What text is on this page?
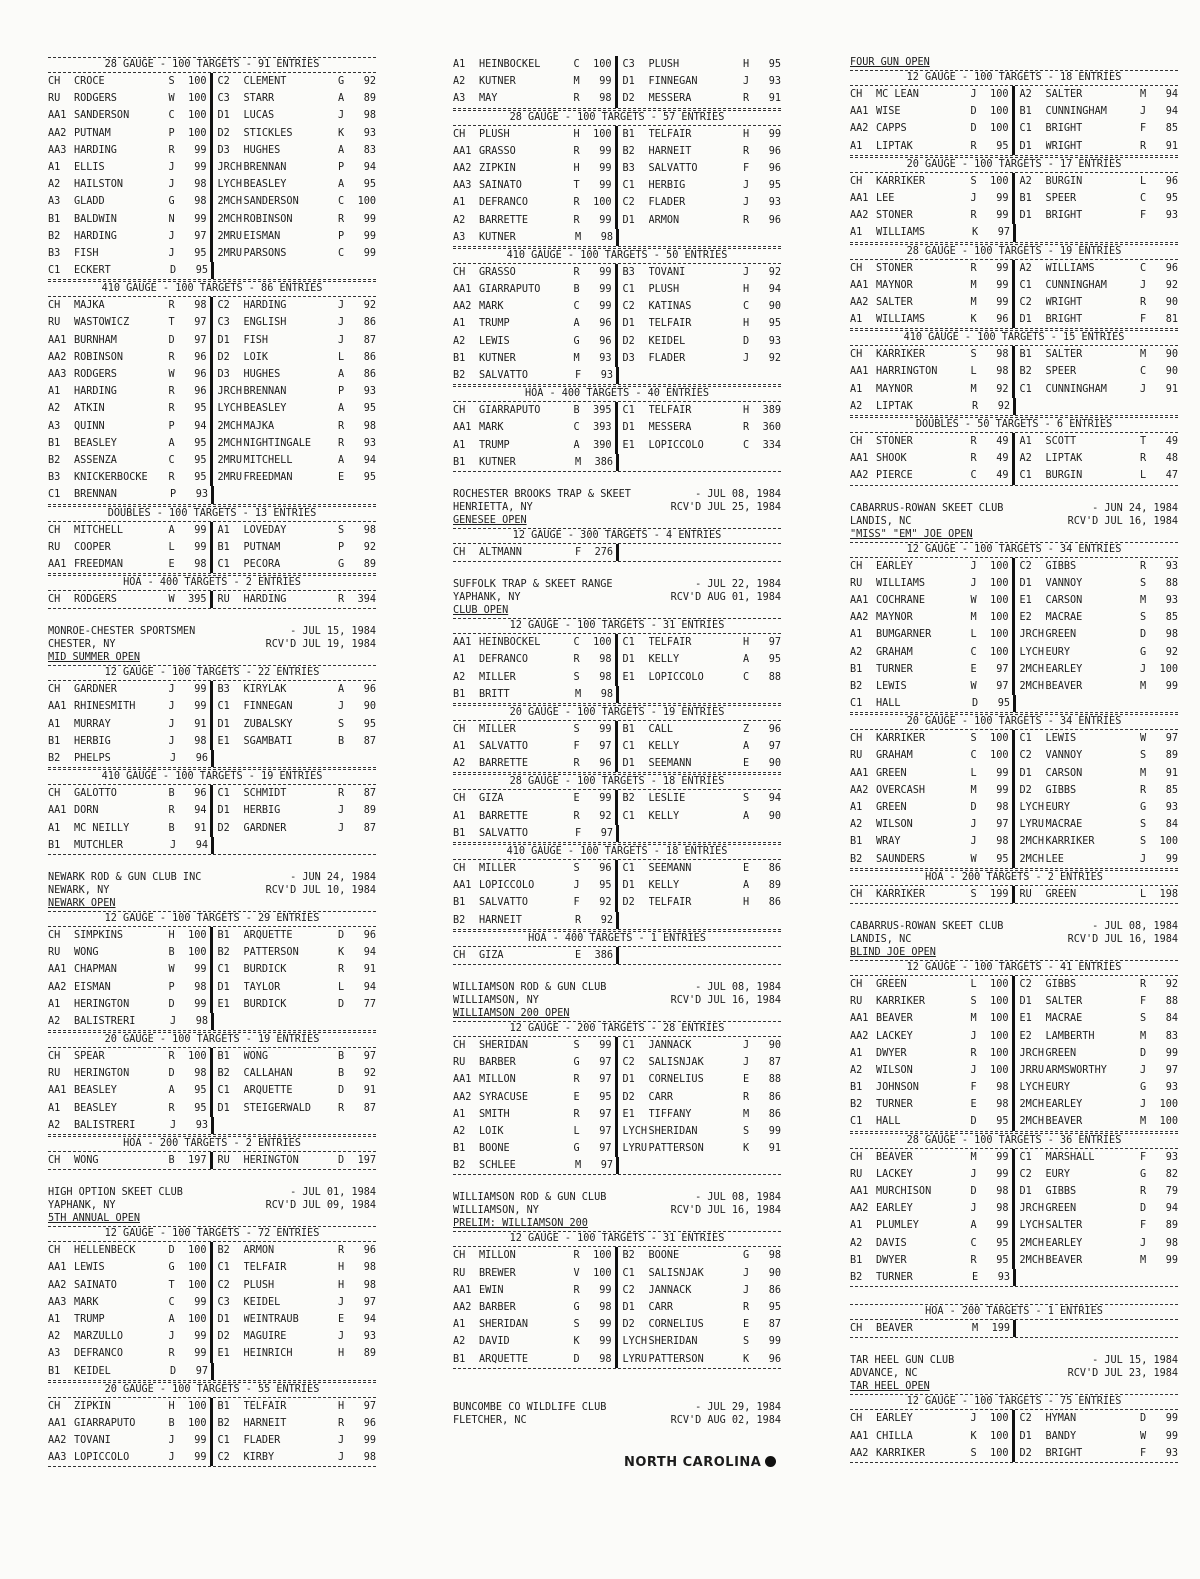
28 GAUGE - 100 TARGETS - 91 ENTRIES
CH	CROCE	S	100 C2	CLEMENT	G	92
RU	RODGERS	W	100 C3	STARR	A	89
AA1 SANDERSON	C	100 D1	LUCAS	J	98
AA2 PUTNAM	P	100 D2	STICKLES	K	93
AA3 HARDING	R	99 D3	HUGHES	A	83
A1	ELLIS	J	99 JRCH BRENNAN	P	94
A2	HAILSTON	J	98 LYCH BEASLEY	A	95
A3	GLADD	G	98 2MCH SANDERSON	C	100
B1	BALDWIN	N	99 2MCH ROBINSON	R	99
B2	HARDING	J	97 2MRU EISMAN	P	99
B3	FISH	J	95 2MRU PARSONS	C	99
C1	ECKERT	D	95
410 GAUGE - 100 TARGETS - 86 ENTRIES
CH	MAJKA	R	98 C2	HARDING	J	92
RU	WASTOWICZ	T	97 C3	ENGLISH	J	86
AA1 BURNHAM	D	97 D1	FISH	J	87
AA2 ROBINSON	R	96 D2	LOIK	L	86
AA3 RODGERS	W	96 D3	HUGHES	A	86
A1	HARDING	R	96 JRCH BRENNAN	P	93
A2	ATKIN	R	95 LYCH BEASLEY	A	95
A3	QUINN	P	94 2MCH MAJKA	R	98
B1	BEASLEY	A	95 2MCH NIGHTINGALE	R	93
B2	ASSENZA	C	95 2MRU MITCHELL	A	94
B3	KNICKERBOCKE	R	95 2MRU FREEDMAN	E	95
C1	BRENNAN	P	93
DOUBLES - 100 TARGETS - 13 ENTRIES
CH	MITCHELL	A	99 A1	LOVEDAY	S	98
RU	COOPER	L	99 B1	PUTNAM	P	92
AA1 FREEDMAN	E	98 C1	PECORA	G	89
HOA - 400 TARGETS - 2 ENTRIES
CH	RODGERS	W	395 RU	HARDING	R	394
MONROE-CHESTER SPORTSMEN	- JUL 15, 1984
CHESTER, NY	RCV'D JUL 19, 1984
MID SUMMER OPEN
12 GAUGE - 100 TARGETS - 22 ENTRIES
CH	GARDNER	J	99 B3	KIRYLAK	A	96
AA1 RHINESMITH	J	99 C1	FINNEGAN	J	90
A1	MURRAY	J	91 D1	ZUBALSKY	S	95
B1	HERBIG	J	98 E1	SGAMBATI	B	87
B2	PHELPS	J	96
410 GAUGE - 100 TARGETS - 19 ENTRIES
CH	GALOTTO	B	96 C1	SCHMIDT	R	87
AA1 DORN	R	94 D1	HERBIG	J	89
A1	MC NEILLY	B	91 D2	GARDNER	J	87
B1	MUTCHLER	J	94
NEWARK ROD & GUN CLUB INC	- JUN 24, 1984
NEWARK, NY	RCV'D JUL 10, 1984
NEWARK OPEN
12 GAUGE - 100 TARGETS - 29 ENTRIES
CH	SIMPKINS	H	100 B1	ARQUETTE	D	96
RU	WONG	B	100 B2	PATTERSON	K	94
AA1 CHAPMAN	W	99 C1	BURDICK	R	91
AA2 EISMAN	P	98 D1	TAYLOR	L	94
A1	HERINGTON	D	99 E1	BURDICK	D	77
A2	BALISTRERI	J	98
20 GAUGE - 100 TARGETS - 19 ENTRIES
CH	SPEAR	R	100 B1	WONG	B	97
RU	HERINGTON	D	98 B2	CALLAHAN	B	92
AA1 BEASLEY	A	95 C1	ARQUETTE	D	91
A1	BEASLEY	R	95 D1	STEIGERWALD	R	87
A2	BALISTRERI	J	93
HOA - 200 TARGETS - 2 ENTRIES
CH	WONG	B	197 RU	HERINGTON	D	197
HIGH OPTION SKEET CLUB	- JUL 01, 1984
YAPHANK, NY	RCV'D JUL 09, 1984
5TH ANNUAL OPEN
12 GAUGE - 100 TARGETS - 72 ENTRIES
CH	HELLENBECK	D	100 B2	ARMON	R	96
AA1 LEWIS	G	100 C1	TELFAIR	H	98
AA2 SAINATO	T	100 C2	PLUSH	H	98
AA3 MARK	C	99 C3	KEIDEL	J	97
A1	TRUMP	A	100 D1	WEINTRAUB	E	94
A2	MARZULLO	J	99 D2	MAGUIRE	J	93
A3	DEFRANCO	R	99 E1	HEINRICH	H	89
B1	KEIDEL	D	97
20 GAUGE - 100 TARGETS - 55 ENTRIES
CH	ZIPKIN	H	100 B1	TELFAIR	H	97
AA1 GIARRAPUTO	B	100 B2	HARNEIT	R	96
AA2 TOVANI	J	99 C1	FLADER	J	99
AA3 LOPICCOLO	J	99 C2	KIRBY	J	98
A1	HEINBOCKEL	C	100 C3	PLUSH	H	95
A2	KUTNER	M	99 D1	FINNEGAN	J	93
A3	MAY	R	98 D2	MESSERA	R	91
28 GAUGE - 100 TARGETS - 57 ENTRIES
CH	PLUSH	H	100 B1	TELFAIR	H	99
AA1 GRASSO	R	99 B2	HARNEIT	R	96
AA2 ZIPKIN	H	99 B3	SALVATTO	F	96
AA3 SAINATO	T	99 C1	HERBIG	J	95
A1	DEFRANCO	R	100 C2	FLADER	J	93
A2	BARRETTE	R	99 D1	ARMON	R	96
A3	KUTNER	M	98
410 GAUGE - 100 TARGETS - 50 ENTRIES
CH	GRASSO	R	99 B3	TOVANI	J	92
AA1 GIARRAPUTO	B	99 C1	PLUSH	H	94
AA2 MARK	C	99 C2	KATINAS	C	90
A1	TRUMP	A	96 D1	TELFAIR	H	95
A2	LEWIS	G	96 D2	KEIDEL	D	93
B1	KUTNER	M	93 D3	FLADER	J	92
B2	SALVATTO	F	93
HOA - 400 TARGETS - 40 ENTRIES
CH	GIARRAPUTO	B	395 C1	TELFAIR	H	389
AA1 MARK	C	393 D1	MESSERA	R	360
A1	TRUMP	A	390 E1	LOPICCOLO	C	334
B1	KUTNER	M	386
ROCHESTER BROOKS TRAP & SKEET	- JUL 08, 1984
HENRIETTA, NY	RCV'D JUL 25, 1984
GENESEE OPEN
12 GAUGE - 300 TARGETS - 4 ENTRIES
CH	ALTMANN	F	276
SUFFOLK TRAP & SKEET RANGE	- JUL 22, 1984
YAPHANK, NY	RCV'D AUG 01, 1984
CLUB OPEN
12 GAUGE - 100 TARGETS - 31 ENTRIES
AA1 HEINBOCKEL	C	100 C1	TELFAIR	H	97
A1	DEFRANCO	R	98 D1	KELLY	A	95
A2	MILLER	S	98 E1	LOPICCOLO	C	88
B1	BRITT	M	98
20 GAUGE - 100 TARGETS - 19 ENTRIES
CH	MILLER	S	99 B1	CALL	Z	96
A1	SALVATTO	F	97 C1	KELLY	A	97
A2	BARRETTE	R	96 D1	SEEMANN	E	90
28 GAUGE - 100 TARGETS - 18 ENTRIES
CH	GIZA	E	99 B2	LESLIE	S	94
A1	BARRETTE	R	92 C1	KELLY	A	90
B1	SALVATTO	F	97
410 GAUGE - 100 TARGETS - 18 ENTRIES
CH	MILLER	S	96 C1	SEEMANN	E	86
AA1 LOPICCOLO	J	95 D1	KELLY	A	89
B1	SALVATTO	F	92 D2	TELFAIR	H	86
B2	HARNEIT	R	92
HOA - 400 TARGETS - 1 ENTRIES
CH	GIZA	E	386
WILLIAMSON ROD & GUN CLUB	- JUL 08, 1984
WILLIAMSON, NY	RCV'D JUL 16, 1984
WILLIAMSON 200 OPEN
12 GAUGE - 200 TARGETS - 28 ENTRIES
CH	SHERIDAN	S	99 C1	JANNACK	J	90
RU	BARBER	G	97 C2	SALISNJAK	J	87
AA1 MILLON	R	97 D1	CORNELIUS	E	88
AA2 SYRACUSE	E	95 D2	CARR	R	86
A1	SMITH	R	97 E1	TIFFANY	M	86
A2	LOIK	L	97 LYCH SHERIDAN	S	99
B1	BOONE	G	97 LYRU PATTERSON	K	91
B2	SCHLEE	M	97
WILLIAMSON ROD & GUN CLUB	- JUL 08, 1984
WILLIAMSON, NY	RCV'D JUL 16, 1984
PRELIM: WILLIAMSON 200
12 GAUGE - 100 TARGETS - 31 ENTRIES
CH	MILLON	R	100 B2	BOONE	G	98
RU	BREWER	V	100 C1	SALISNJAK	J	90
AA1 EWIN	R	99 C2	JANNACK	J	86
AA2 BARBER	G	98 D1	CARR	R	95
A1	SHERIDAN	S	99 D2	CORNELIUS	E	87
A2	DAVID	K	99 LYCH SHERIDAN	S	99
B1	ARQUETTE	D	98 LYRU PATTERSON	K	96
BUNCOMBE CO WILDLIFE CLUB	- JUL 29, 1984
FLETCHER, NC	RCV'D AUG 02, 1984
FOUR GUN OPEN
12 GAUGE - 100 TARGETS - 18 ENTRIES
CH	MC LEAN	J	100 A2	SALTER	M	94
AA1 WISE	D	100 B1	CUNNINGHAM	J	94
AA2 CAPPS	D	100 C1	BRIGHT	F	85
A1	LIPTAK	R	95 D1	WRIGHT	R	91
20 GAUGE - 100 TARGETS - 17 ENTRIES
CH	KARRIKER	S	100 A2	BURGIN	L	96
AA1 LEE	J	99 B1	SPEER	C	95
AA2 STONER	R	99 D1	BRIGHT	F	93
A1	WILLIAMS	K	97
28 GAUGE - 100 TARGETS - 19 ENTRIES
CH	STONER	R	99 A2	WILLIAMS	C	96
AA1 MAYNOR	M	99 C1	CUNNINGHAM	J	92
AA2 SALTER	M	99 C2	WRIGHT	R	90
A1	WILLIAMS	K	96 D1	BRIGHT	F	81
410 GAUGE - 100 TARGETS - 15 ENTRIES
CH	KARRIKER	S	98 B1	SALTER	M	90
AA1 HARRINGTON	L	98 B2	SPEER	C	90
A1	MAYNOR	M	92 C1	CUNNINGHAM	J	91
A2	LIPTAK	R	92
DOUBLES - 50 TARGETS - 6 ENTRIES
CH	STONER	R	49 A1	SCOTT	T	49
AA1 SHOOK	R	49 A2	LIPTAK	R	48
AA2 PIERCE	C	49 C1	BURGIN	L	47
CABARRUS-ROWAN SKEET CLUB	- JUN 24, 1984
LANDIS, NC	RCV'D JUL 16, 1984
"MISS" "EM" JOE OPEN
12 GAUGE - 100 TARGETS - 34 ENTRIES
CH	EARLEY	J	100 C2	GIBBS	R	93
RU	WILLIAMS	J	100 D1	VANNOY	S	88
AA1 COCHRANE	W	100 E1	CARSON	M	93
AA2 MAYNOR	M	100 E2	MACRAE	S	85
A1	BUMGARNER	L	100 JRCH GREEN	D	98
A2	GRAHAM	C	100 LYCH EURY	G	92
B1	TURNER	E	97 2MCH EARLEY	J	100
B2	LEWIS	W	97 2MCH BEAVER	M	99
C1	HALL	D	95
20 GAUGE - 100 TARGETS - 34 ENTRIES
CH	KARRIKER	S	100 C1	LEWIS	W	97
RU	GRAHAM	C	100 C2	VANNOY	S	89
AA1 GREEN	L	99 D1	CARSON	M	91
AA2 OVERCASH	M	99 D2	GIBBS	R	85
A1	GREEN	D	98 LYCH EURY	G	93
A2	WILSON	J	97 LYRU MACRAE	S	84
B1	WRAY	J	98 2MCH KARRIKER	S	100
B2	SAUNDERS	W	95 2MCH LEE	J	99
HOA - 200 TARGETS - 2 ENTRIES
CH	KARRIKER	S	199 RU	GREEN	L	198
CABARRUS-ROWAN SKEET CLUB	- JUL 08, 1984
LANDIS, NC	RCV'D JUL 16, 1984
BLIND JOE OPEN
12 GAUGE - 100 TARGETS - 41 ENTRIES
CH	GREEN	L	100 C2	GIBBS	R	92
RU	KARRIKER	S	100 D1	SALTER	F	88
AA1 BEAVER	M	100 E1	MACRAE	S	84
AA2 LACKEY	J	100 E2	LAMBERTH	M	83
A1	DWYER	R	100 JRCH GREEN	D	99
A2	WILSON	J	100 JRRU ARMSWORTHY	J	97
B1	JOHNSON	F	98 LYCH EURY	G	93
B2	TURNER	E	98 2MCH EARLEY	J	100
C1	HALL	D	95 2MCH BEAVER	M	100
28 GAUGE - 100 TARGETS - 36 ENTRIES
CH	BEAVER	M	99 C1	MARSHALL	F	93
RU	LACKEY	J	99 C2	EURY	G	82
AA1 MURCHISON	D	98 D1	GIBBS	R	79
AA2 EARLEY	J	98 JRCH GREEN	D	94
A1	PLUMLEY	A	99 LYCH SALTER	F	89
A2	DAVIS	C	95 2MCH EARLEY	J	98
B1	DWYER	R	95 2MCH BEAVER	M	99
B2	TURNER	E	93
HOA - 200 TARGETS - 1 ENTRIES
CH	BEAVER	M	199
TAR HEEL GUN CLUB	- JUL 15, 1984
ADVANCE, NC	RCV'D JUL 23, 1984
TAR HEEL OPEN
12 GAUGE - 100 TARGETS - 75 ENTRIES
CH	EARLEY	J	100 C2	HYMAN	D	99
AA1 CHILLA	K	100 D1	BANDY	W	99
AA2 KARRIKER	S	100 D2	BRIGHT	F	93
NORTH CAROLINA
